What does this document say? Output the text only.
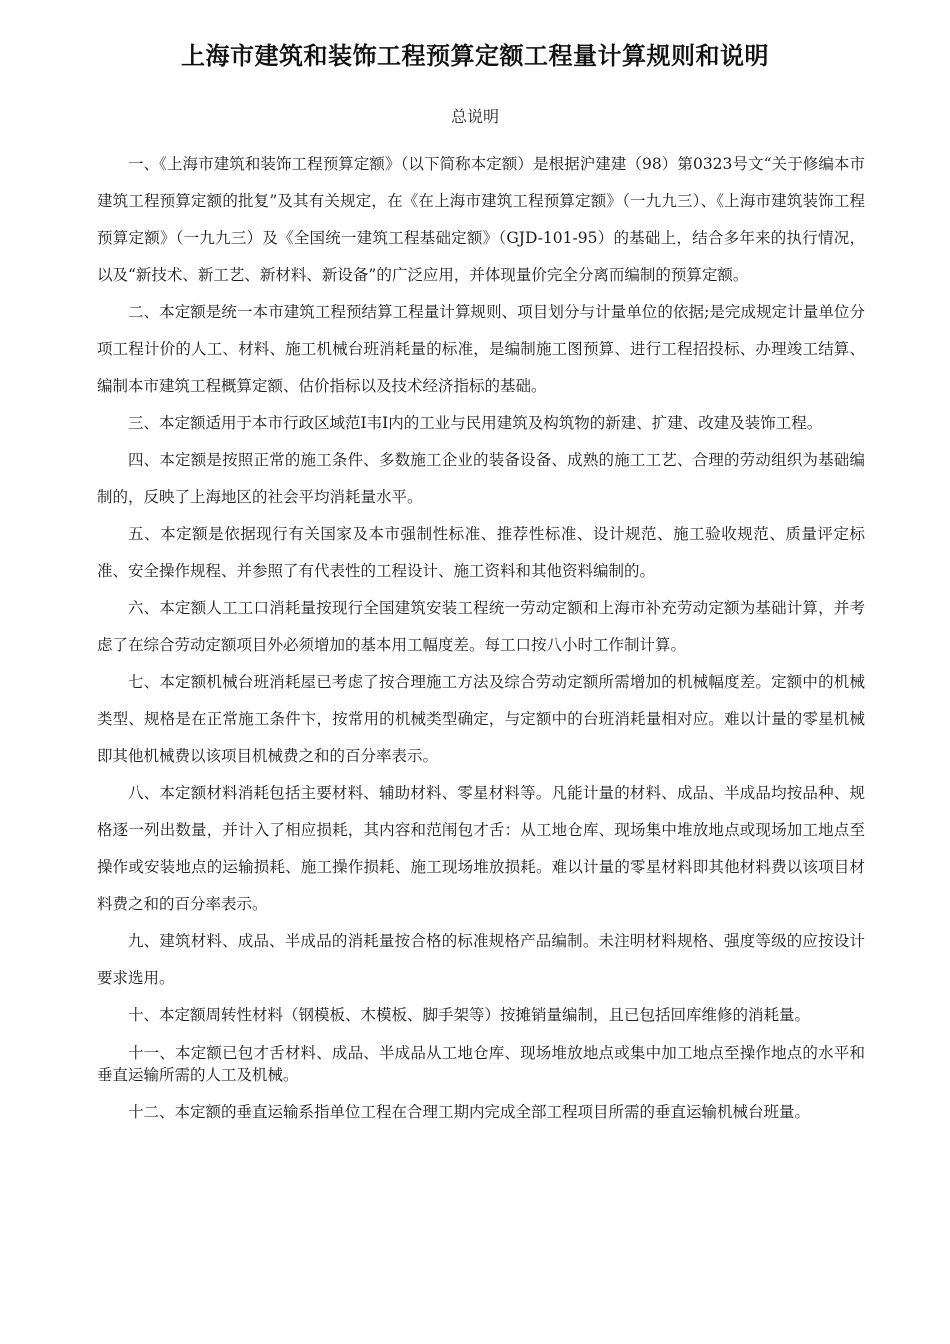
上海市建筑和装饰工程预算定额工程量计算规则和说明
总说明

一、《上海市建筑和装饰工程预算定额》（以下简称本定额）是根据沪建建（98）第0323号文“关于修编本市建筑工程预算定额的批复”及其有关规定，在《在上海市建筑工程预算定额》（一九九三）、《上海市建筑装饰工程预算定额》（一九九三）及《全国统一建筑工程基础定额》（GJD-101-95）的基础上，结合多年来的执行情况，以及“新技术、新工艺、新材料、新设备”的广泛应用，并体现量价完全分离而编制的预算定额。

二、本定额是统一本市建筑工程预结算工程量计算规则、项目划分与计量单位的依据;是完成规定计量单位分项工程计价的人工、材料、施工机械台班消耗量的标准，是编制施工图预算、进行工程招投标、办理竣工结算、编制本市建筑工程概算定额、估价指标以及技术经济指标的基础。

三、本定额适用于本市行政区域范I韦I内的工业与民用建筑及构筑物的新建、扩建、改建及装饰工程。

四、本定额是按照正常的施工条件、多数施工企业的装备设备、成熟的施工工艺、合理的劳动组织为基础编制的，反映了上海地区的社会平均消耗量水平。

五、本定额是依据现行有关国家及本市强制性标准、推荐性标准、设计规范、施工验收规范、质量评定标准、安全操作规程、并参照了有代表性的工程设计、施工资料和其他资料编制的。

六、本定额人工工口消耗量按现行全国建筑安装工程统一劳动定额和上海市补充劳动定额为基础计算，并考虑了在综合劳动定额项目外必须增加的基本用工幅度差。每工口按八小时工作制计算。

七、本定额机械台班消耗屋已考虑了按合理施工方法及综合劳动定额所需增加的机械幅度差。定额中的机械类型、规格是在正常施工条件卞，按常用的机械类型确定，与定额中的台班消耗量相对应。难以计量的零星机械即其他机械费以该项目机械费之和的百分率表示。

八、本定额材料消耗包括主要材料、辅助材料、零星材料等。凡能计量的材料、成品、半成品均按品种、规格逐一列出数量，并计入了相应损耗，其内容和范闱包才舌：从工地仓库、现场集中堆放地点或现场加工地点至操作或安装地点的运输损耗、施工操作损耗、施工现场堆放损耗。难以计量的零星材料即其他材料费以该项目材料费之和的百分率表示。

九、建筑材料、成品、半成品的消耗量按合格的标准规格产品编制。未注明材料规格、强度等级的应按设计要求选用。

十、本定额周转性材料（钢模板、木模板、脚手架等）按摊销量编制，且已包括回库维修的消耗量。

十一、本定额已包才舌材料、成品、半成品从工地仓库、现场堆放地点或集中加工地点至操作地点的水平和垂直运输所需的人工及机械。

十二、本定额的垂直运输系指单位工程在合理工期内完成全部工程项目所需的垂直运输机械台班量。
